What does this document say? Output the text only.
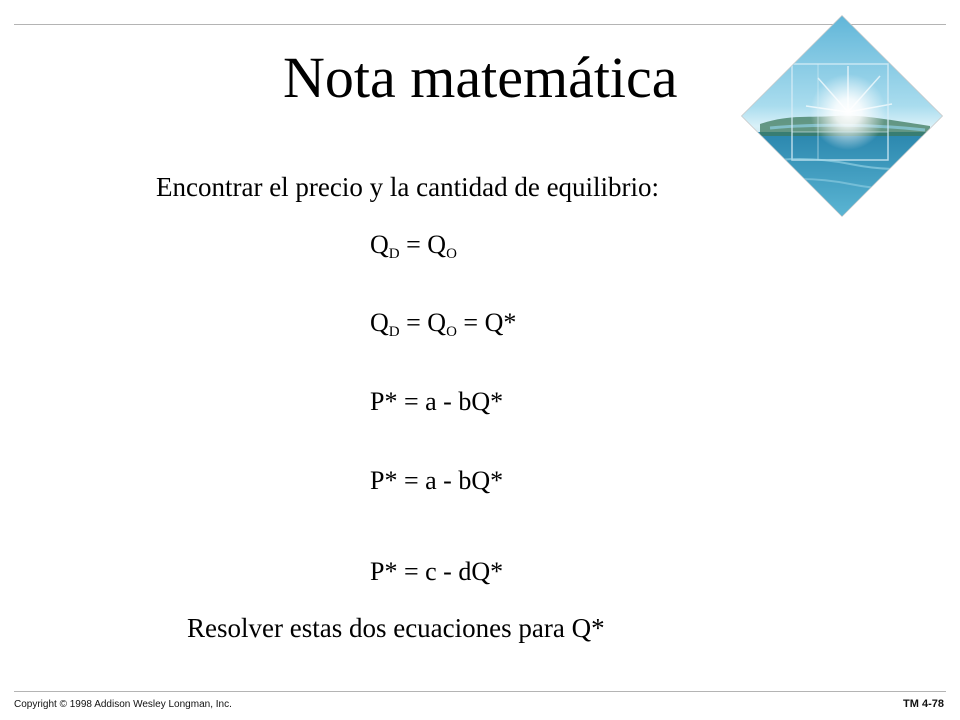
Nota matemática
Encontrar el precio y la cantidad de equilibrio:
$Q_D = Q_O$
$Q_D = Q_O = Q*$
P* = a - bQ*
P* = a - bQ*
P* = c - dQ*
Resolver estas dos ecuaciones para Q*
Copyright © 1998 Addison Wesley Longman, Inc.	TM 4-78
